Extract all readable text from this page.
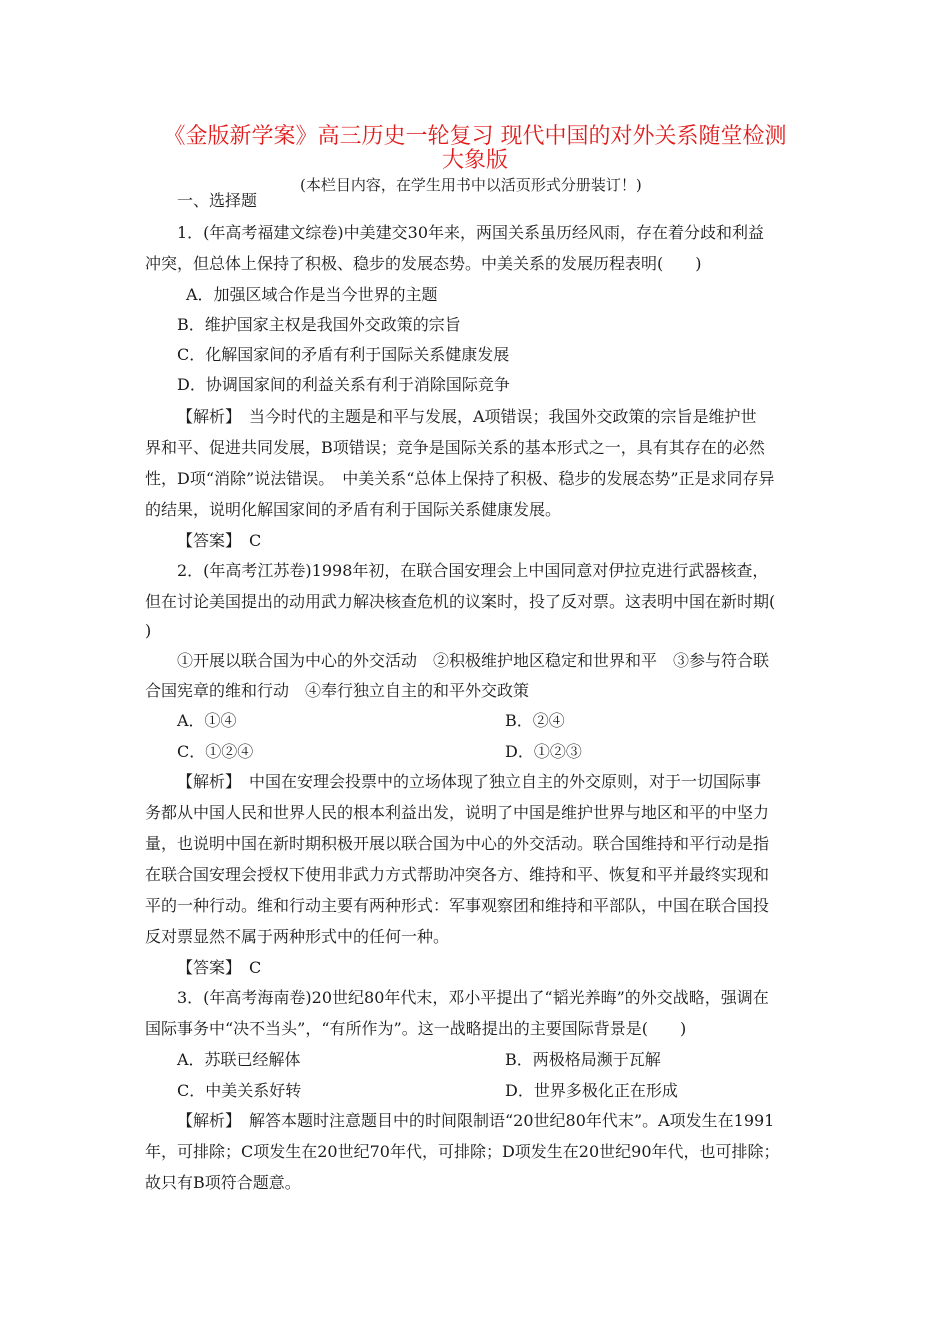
《金版新学案》高三历史一轮复习 现代中国的对外关系随堂检测
大象版
(本栏目内容，在学生用书中以活页形式分册装订！)
一、选择题
1．(年高考福建文综卷)中美建交30年来，两国关系虽历经风雨，存在着分歧和利益
冲突，但总体上保持了积极、稳步的发展态势。中美关系的发展历程表明(　　)
A．加强区域合作是当今世界的主题
B．维护国家主权是我国外交政策的宗旨
C．化解国家间的矛盾有利于国际关系健康发展
D．协调国家间的利益关系有利于消除国际竞争
【解析】　当今时代的主题是和平与发展，A项错误；我国外交政策的宗旨是维护世
界和平、促进共同发展，B项错误；竞争是国际关系的基本形式之一，具有其存在的必然
性，D项“消除”说法错误。　中美关系“总体上保持了积极、稳步的发展态势”正是求同存异
的结果，说明化解国家间的矛盾有利于国际关系健康发展。
【答案】　C
2．(年高考江苏卷)1998年初，在联合国安理会上中国同意对伊拉克进行武器核查，
但在讨论美国提出的动用武力解决核查危机的议案时，投了反对票。这表明中国在新时期(
)
①开展以联合国为中心的外交活动　②积极维护地区稳定和世界和平　③参与符合联
合国宪章的维和行动　④奉行独立自主的和平外交政策
A．①④	B．②④
C．①②④	D．①②③
【解析】　中国在安理会投票中的立场体现了独立自主的外交原则，对于一切国际事
务都从中国人民和世界人民的根本利益出发，说明了中国是维护世界与地区和平的中坚力
量，也说明中国在新时期积极开展以联合国为中心的外交活动。联合国维持和平行动是指
在联合国安理会授权下使用非武力方式帮助冲突各方、维持和平、恢复和平并最终实现和
平的一种行动。维和行动主要有两种形式：军事观察团和维持和平部队，中国在联合国投
反对票显然不属于两种形式中的任何一种。
【答案】　C
3．(年高考海南卷)20世纪80年代末，邓小平提出了“韬光养晦”的外交战略，强调在
国际事务中“决不当头”，“有所作为”。这一战略提出的主要国际背景是(　　)
A．苏联已经解体	B．两极格局濒于瓦解
C．中美关系好转	D．世界多极化正在形成
【解析】　解答本题时注意题目中的时间限制语“20世纪80年代末”。A项发生在1991
年，可排除；C项发生在20世纪70年代，可排除；D项发生在20世纪90年代，也可排除；
故只有B项符合题意。
